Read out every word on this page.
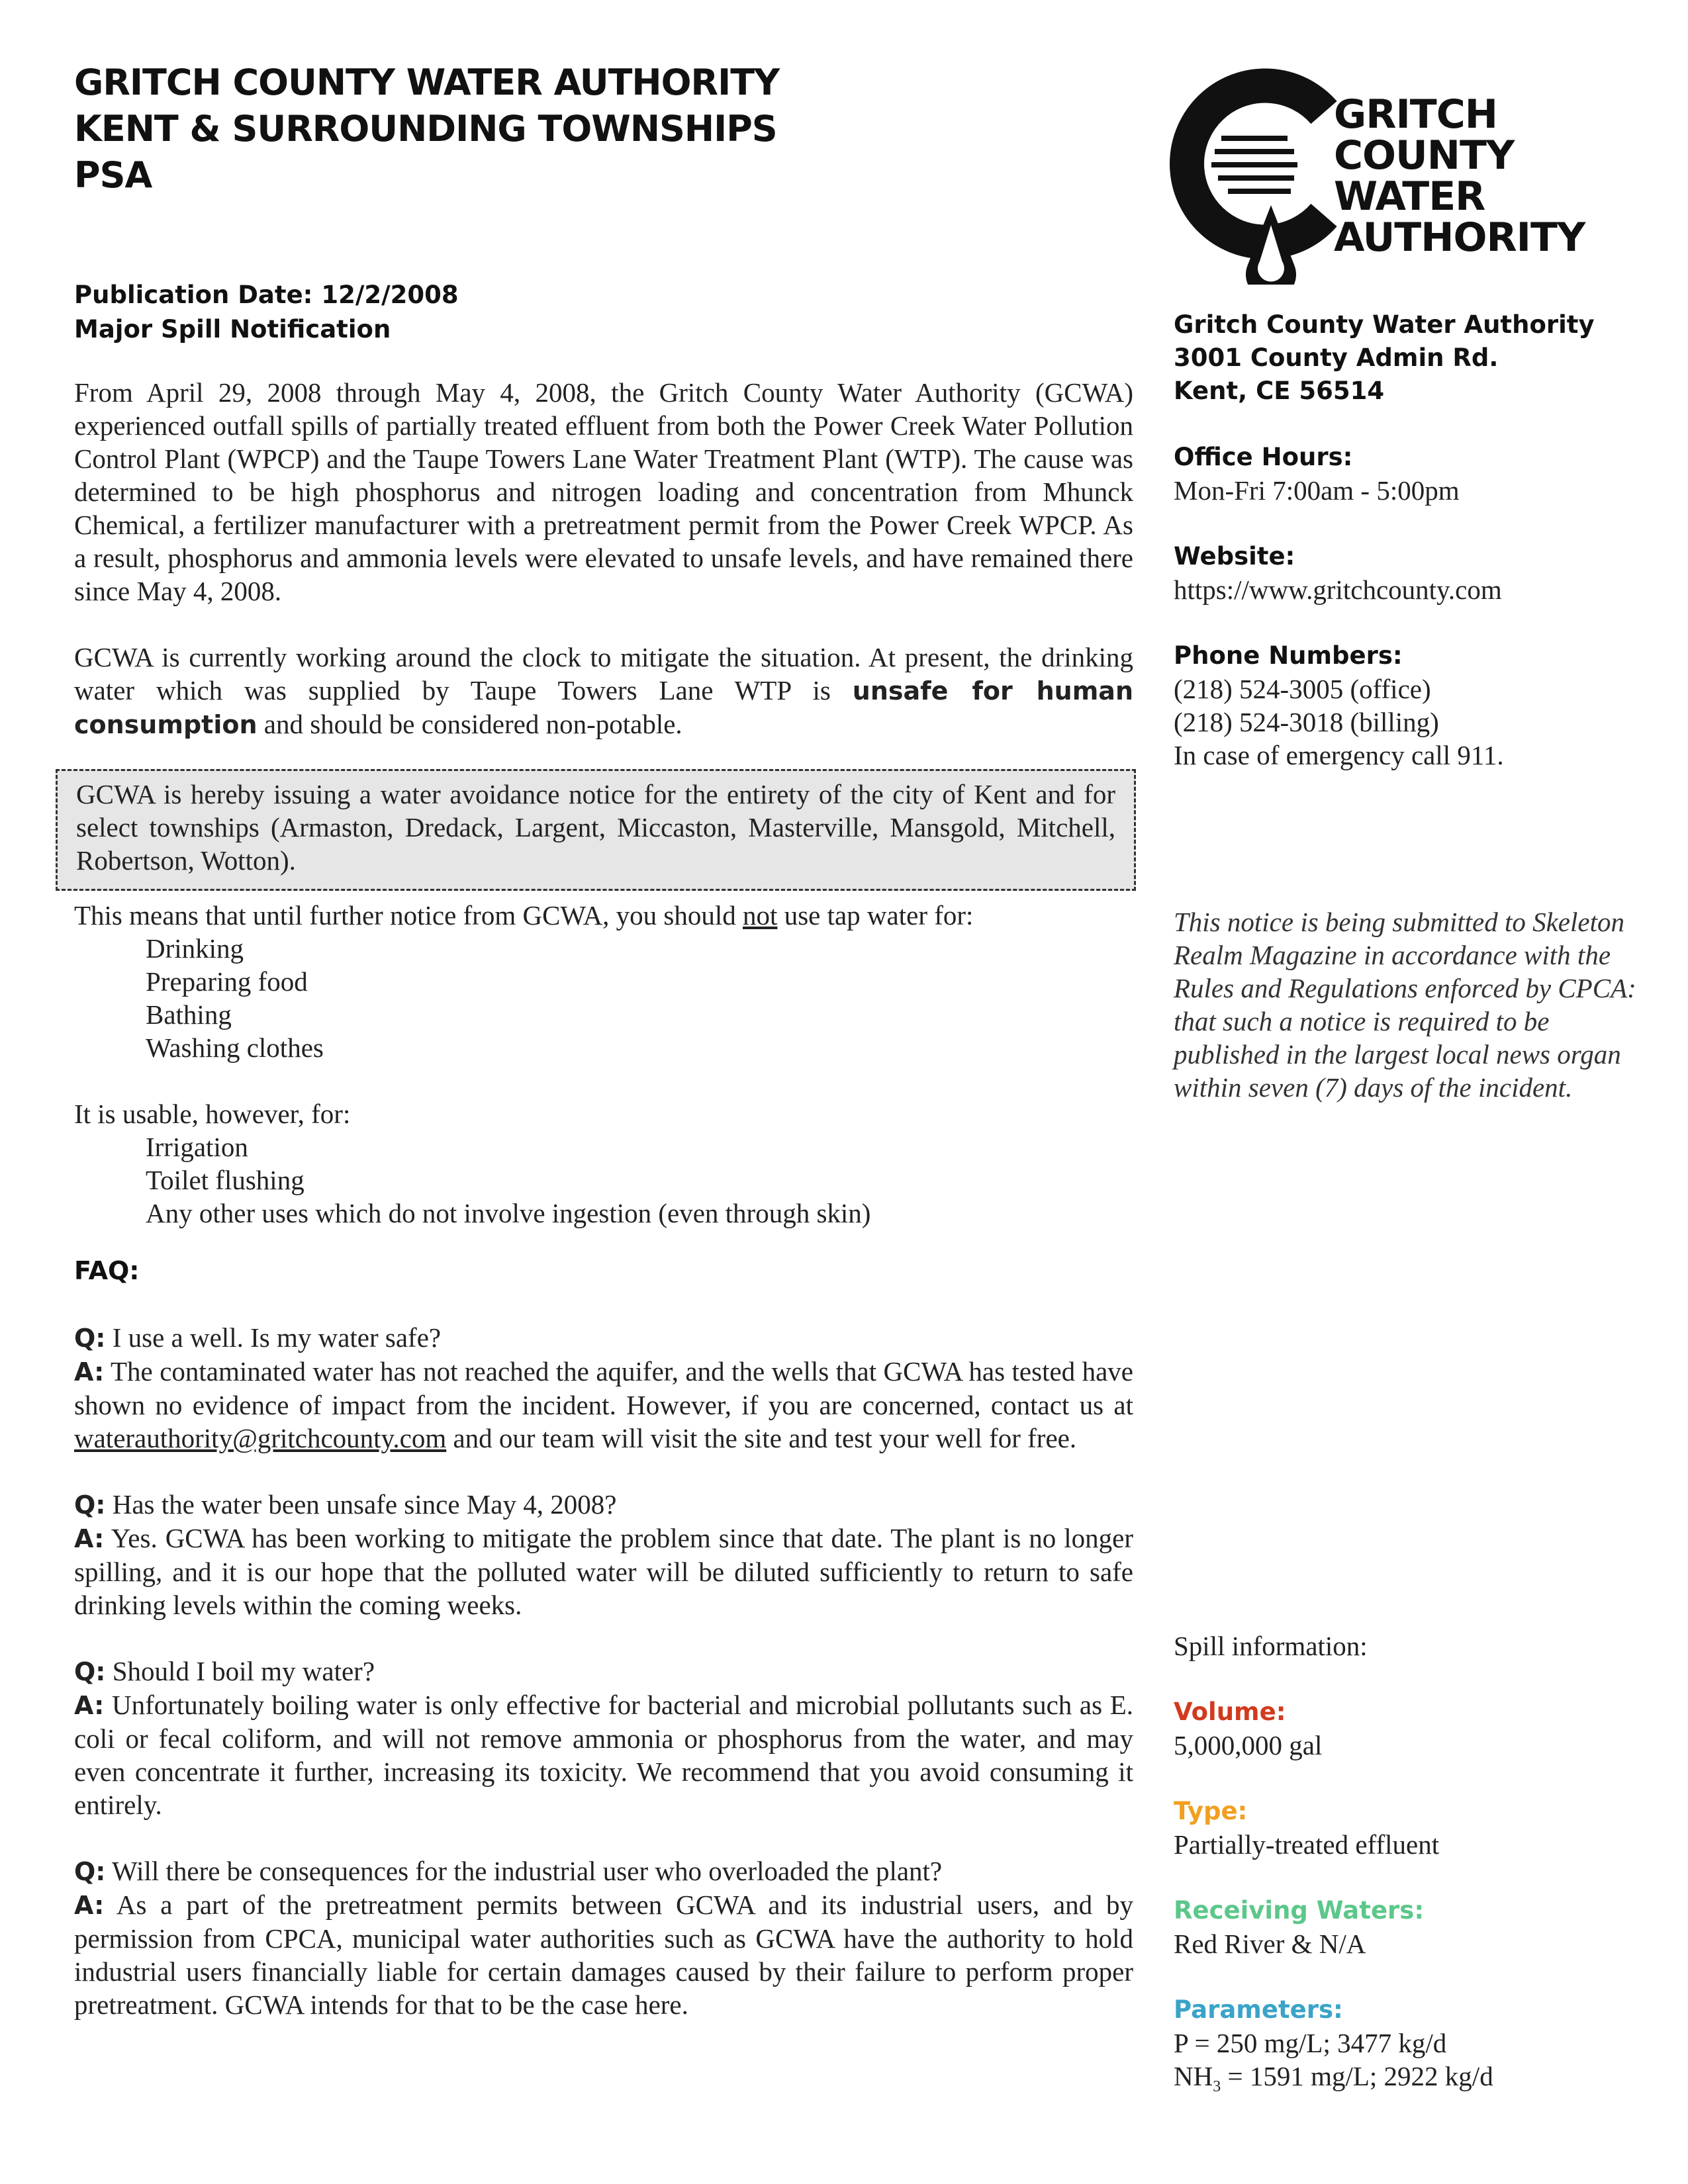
GRITCH COUNTY WATER AUTHORITY
KENT & SURROUNDING TOWNSHIPS
PSA
GRITCH
COUNTY
WATER
AUTHORITY
Publication Date: 12/2/2008
Major Spill Notification

From April 29, 2008 through May 4, 2008, the Gritch County Water Authority (GCWA) experienced outfall spills of partially treated effluent from both the Power Creek Water Pollution Control Plant (WPCP) and the Taupe Towers Lane Water Treatment Plant (WTP). The cause was determined to be high phosphorus and nitrogen loading and concentration from Mhunck Chemical, a fertilizer manufacturer with a pretreatment permit from the Power Creek WPCP. As a result, phosphorus and ammonia levels were elevated to unsafe levels, and have remained there since May 4, 2008.

GCWA is currently working around the clock to mitigate the situation. At present, the drinking water which was supplied by Taupe Towers Lane WTP is unsafe for human consumption and should be considered non-potable.

GCWA is hereby issuing a water avoidance notice for the entirety of the city of Kent and for select townships (Armaston, Dredack, Largent, Miccaston, Masterville, Mansgold, Mitchell, Robertson, Wotton).

This means that until further notice from GCWA, you should not use tap water for:

Drinking
Preparing food
Bathing
Washing clothes

It is usable, however, for:

Irrigation
Toilet flushing
Any other uses which do not involve ingestion (even through skin)
FAQ:

Q: I use a well. Is my water safe?

A: The contaminated water has not reached the aquifer, and the wells that GCWA has tested have shown no evidence of impact from the incident. However, if you are concerned, contact us at waterauthority@gritchcounty.com and our team will visit the site and test your well for free.

Q: Has the water been unsafe since May 4, 2008?

A: Yes. GCWA has been working to mitigate the problem since that date. The plant is no longer spilling, and it is our hope that the polluted water will be diluted sufficiently to return to safe drinking levels within the coming weeks.

Q: Should I boil my water?

A: Unfortunately boiling water is only effective for bacterial and microbial pollutants such as E. coli or fecal coliform, and will not remove ammonia or phosphorus from the water, and may even concentrate it further, increasing its toxicity. We recommend that you avoid consuming it entirely.

Q: Will there be consequences for the industrial user who overloaded the plant?

A: As a part of the pretreatment permits between GCWA and its industrial users, and by permission from CPCA, municipal water authorities such as GCWA have the authority to hold industrial users financially liable for certain damages caused by their failure to perform proper pretreatment. GCWA intends for that to be the case here.

Gritch County Water Authority
3001 County Admin Rd.
Kent, CE 56514
Office Hours:
Mon-Fri 7:00am - 5:00pm
Website:
https://www.gritchcounty.com
Phone Numbers:
(218) 524-3005 (office)
(218) 524-3018 (billing)
In case of emergency call 911.

This notice is being submitted to Skeleton Realm Magazine in accordance with the Rules and Regulations enforced by CPCA: that such a notice is required to be published in the largest local news organ within seven (7) days of the incident.

Spill information:
Volume:
5,000,000 gal
Type:
Partially-treated effluent
Receiving Waters:
Red River & N/A
Parameters:
P = 250 mg/L; 3477 kg/d
$NH_3 = 1591$ mg/L; 2922 kg/d
